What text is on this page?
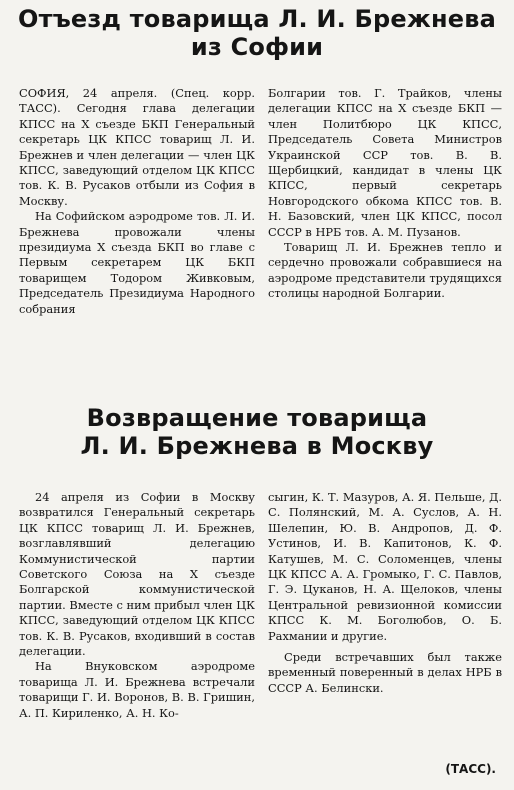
Отъезд товарища Л. И. Брежнева
из Софии

СОФИЯ, 24 апреля. (Спец. корр. ТАСС). Сегодня глава делегации КПСС на X съезде БКП Генеральный секретарь ЦК КПСС товарищ Л. И. Брежнев и член делегации — член ЦК КПСС, заведующий отделом ЦК КПСС тов. К. В. Русаков отбыли из София в Москву.

На Софийском аэродроме тов. Л. И. Брежнева провожали члены президиума X съезда БКП во главе с Первым секретарем ЦК БКП товарищем Тодором Живковым, Председатель Президиума Народного собрания

Болгарии тов. Г. Трайков, члены делегации КПСС на X съезде БКП — член Политбюро ЦК КПСС, Председатель Совета Министров Украинской ССР тов. В. В. Щербицкий, кандидат в члены ЦК КПСС, первый секретарь Новгородского обкома КПСС тов. В. Н. Базовский, член ЦК КПСС, посол СССР в НРБ тов. А. М. Пузанов.

Товарищ Л. И. Брежнев тепло и сердечно провожали собравшиеся на аэродроме представители трудящихся столицы народной Болгарии.

Возвращение товарища
Л. И. Брежнева в Москву

24 апреля из Софии в Москву возвратился Генеральный секретарь ЦК КПСС товарищ Л. И. Брежнев, возглавлявший делегацию Коммунистической партии Советского Союза на X съезде Болгарской коммунистической партии. Вместе с ним прибыл член ЦК КПСС, заведующий отделом ЦК КПСС тов. К. В. Русаков, входивший в состав делегации.

На Внуковском аэродроме товарища Л. И. Брежнева встречали товарищи Г. И. Воронов, В. В. Гришин, А. П. Кириленко, А. Н. Ко-

сыгин, К. Т. Мазуров, А. Я. Пельше, Д. С. Полянский, М. А. Суслов, А. Н. Шелепин, Ю. В. Андропов, Д. Ф. Устинов, И. В. Капитонов, К. Ф. Катушев, М. С. Соломенцев, члены ЦК КПСС А. А. Громыко, Г. С. Павлов, Г. Э. Цуканов, Н. А. Щелоков, члены Центральной ревизионной комиссии КПСС К. М. Боголюбов, О. Б. Рахмании и другие.

Среди встречавших был также временный поверенный в делах НРБ в СССР А. Белински.

(ТАСС).
